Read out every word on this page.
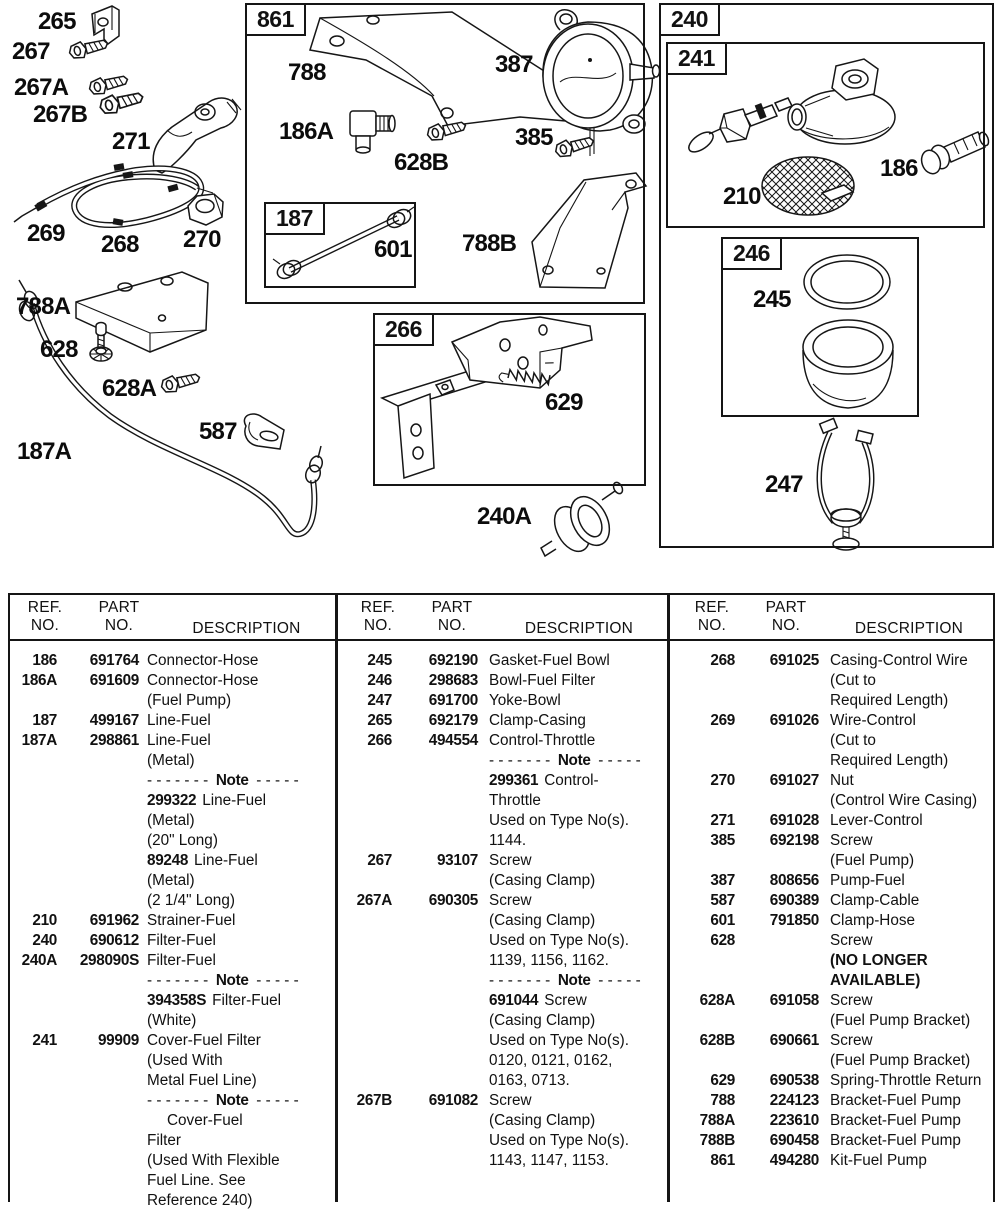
861
187
240
241
246
266
265
267
267A
267B
271
269 268 270
788A
628
628A
587
187A
788
186A
628B
387
385
601 788B
629
240A
210
186
245
247
REF.
NO.
PART
NO.	DESCRIPTION
REF.
NO.
PART
NO.	DESCRIPTION
REF.
NO.
PART
NO.	DESCRIPTION
186	691764 Connector-Hose
186A	691609 Connector-Hose
(Fuel Pump)
187	499167 Line-Fuel
187A	298861 Line-Fuel
(Metal)
- - - - - - - Note - - - - -
299322 Line-Fuel
(Metal)
(20" Long)
89248 Line-Fuel
(Metal)
(2 1/4" Long)
210	691962 Strainer-Fuel
240	690612 Filter-Fuel
240A	298090S Filter-Fuel
- - - - - - - Note - - - - -
394358S Filter-Fuel
(White)
241	99909 Cover-Fuel Filter
(Used With
Metal Fuel Line)
- - - - - - - Note - - - - -
Cover-Fuel
Filter
(Used With Flexible
Fuel Line. See
Reference 240)
245	692190 Gasket-Fuel Bowl
246	298683 Bowl-Fuel Filter
247	691700 Yoke-Bowl
265	692179 Clamp-Casing
266	494554 Control-Throttle
- - - - - - - Note - - - - -
299361 Control-
Throttle
Used on Type No(s).
1144.
267	93107 Screw
(Casing Clamp)
267A	690305 Screw
(Casing Clamp)
Used on Type No(s).
1139, 1156, 1162.
- - - - - - - Note - - - - -
691044 Screw
(Casing Clamp)
Used on Type No(s).
0120, 0121, 0162,
0163, 0713.
267B	691082 Screw
(Casing Clamp)
Used on Type No(s).
1143, 1147, 1153.
268	691025 Casing-Control Wire
(Cut to
Required Length)
269	691026 Wire-Control
(Cut to
Required Length)
270	691027 Nut
(Control Wire Casing)
271	691028 Lever-Control
385	692198 Screw
(Fuel Pump)
387	808656 Pump-Fuel
587	690389 Clamp-Cable
601	791850 Clamp-Hose
628	Screw
(NO LONGER
AVAILABLE)
628A	691058 Screw
(Fuel Pump Bracket)
628B	690661 Screw
(Fuel Pump Bracket)
629	690538 Spring-Throttle Return
788	224123 Bracket-Fuel Pump
788A	223610 Bracket-Fuel Pump
788B	690458 Bracket-Fuel Pump
861	494280 Kit-Fuel Pump
